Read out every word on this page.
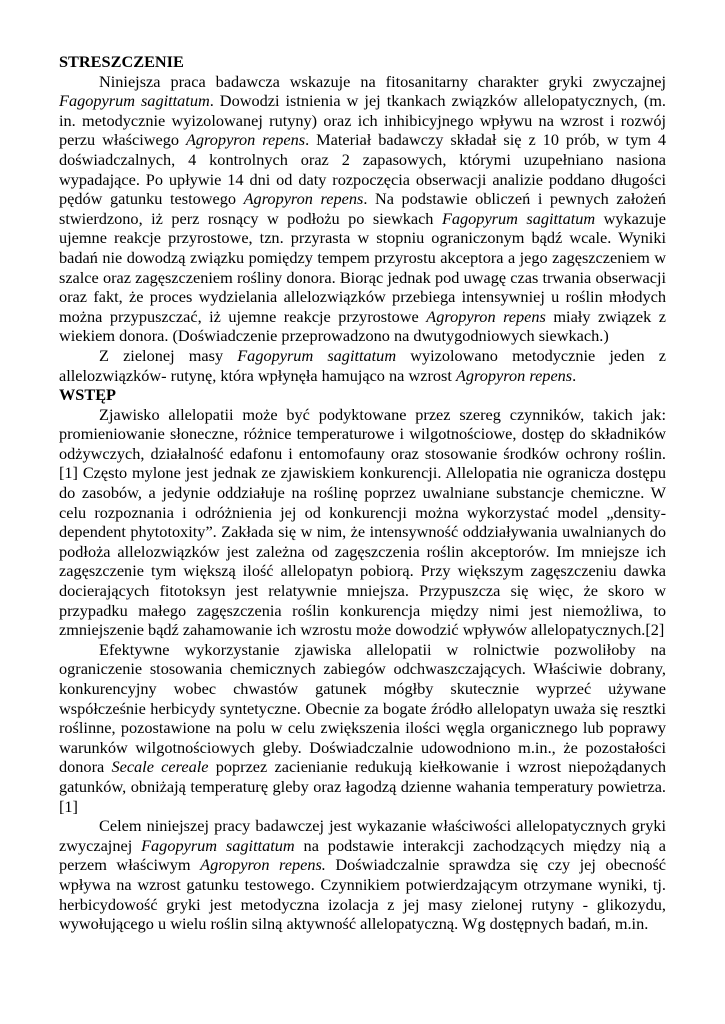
STRESZCZENIE

Niniejsza praca badawcza wskazuje na fitosanitarny charakter gryki zwyczajnej Fagopyrum sagittatum. Dowodzi istnienia w jej tkankach związków allelopatycznych, (m. in. metodycznie wyizolowanej rutyny) oraz ich inhibicyjnego wpływu na wzrost i rozwój perzu właściwego Agropyron repens. Materiał badawczy składał się z 10 prób, w tym 4 doświadczalnych, 4 kontrolnych oraz 2 zapasowych, którymi uzupełniano nasiona wypadające. Po upływie 14 dni od daty rozpoczęcia obserwacji analizie poddano długości pędów gatunku testowego Agropyron repens. Na podstawie obliczeń i pewnych założeń stwierdzono, iż perz rosnący w podłożu po siewkach Fagopyrum sagittatum wykazuje ujemne reakcje przyrostowe, tzn. przyrasta w stopniu ograniczonym bądź wcale. Wyniki badań nie dowodzą związku pomiędzy tempem przyrostu akceptora a jego zagęszczeniem w szalce oraz zagęszczeniem rośliny donora. Biorąc jednak pod uwagę czas trwania obserwacji oraz fakt, że proces wydzielania allelozwiązków przebiega intensywniej u roślin młodych można przypuszczać, iż ujemne reakcje przyrostowe Agropyron repens miały związek z wiekiem donora. (Doświadczenie przeprowadzono na dwutygodniowych siewkach.)

Z zielonej masy Fagopyrum sagittatum wyizolowano metodycznie jeden z allelozwiązków- rutynę, która wpłynęła hamująco na wzrost Agropyron repens.

WSTĘP

Zjawisko allelopatii może być podyktowane przez szereg czynników, takich jak: promieniowanie słoneczne, różnice temperaturowe i wilgotnościowe, dostęp do składników odżywczych, działalność edafonu i entomofauny oraz stosowanie środków ochrony roślin.[1] Często mylone jest jednak ze zjawiskiem konkurencji. Allelopatia nie ogranicza dostępu do zasobów, a jedynie oddziałuje na roślinę poprzez uwalniane substancje chemiczne. W celu rozpoznania i odróżnienia jej od konkurencji można wykorzystać model „density-dependent phytotoxity”. Zakłada się w nim, że intensywność oddziaływania uwalnianych do podłoża allelozwiązków jest zależna od zagęszczenia roślin akceptorów. Im mniejsze ich zagęszczenie tym większą ilość allelopatyn pobiorą. Przy większym zagęszczeniu dawka docierających fitotoksyn jest relatywnie mniejsza. Przypuszcza się więc, że skoro w przypadku małego zagęszczenia roślin konkurencja między nimi jest niemożliwa, to zmniejszenie bądź zahamowanie ich wzrostu może dowodzić wpływów allelopatycznych.[2]

Efektywne wykorzystanie zjawiska allelopatii w rolnictwie pozwoliłoby na ograniczenie stosowania chemicznych zabiegów odchwaszczających. Właściwie dobrany, konkurencyjny wobec chwastów gatunek mógłby skutecznie wyprzeć używane współcześnie herbicydy syntetyczne. Obecnie za bogate źródło allelopatyn uważa się resztki roślinne, pozostawione na polu w celu zwiększenia ilości węgla organicznego lub poprawy warunków wilgotnościowych gleby. Doświadczalnie udowodniono m.in., że pozostałości donora Secale cereale poprzez zacienianie redukują kiełkowanie i wzrost niepożądanych gatunków, obniżają temperaturę gleby oraz łagodzą dzienne wahania temperatury powietrza. [1]

Celem niniejszej pracy badawczej jest wykazanie właściwości allelopatycznych gryki zwyczajnej Fagopyrum sagittatum na podstawie interakcji zachodzących między nią a perzem właściwym Agropyron repens. Doświadczalnie sprawdza się czy jej obecność wpływa na wzrost gatunku testowego. Czynnikiem potwierdzającym otrzymane wyniki, tj. herbicydowość gryki jest metodyczna izolacja z jej masy zielonej rutyny - glikozydu, wywołującego u wielu roślin silną aktywność allelopatyczną. Wg dostępnych badań, m.in.
